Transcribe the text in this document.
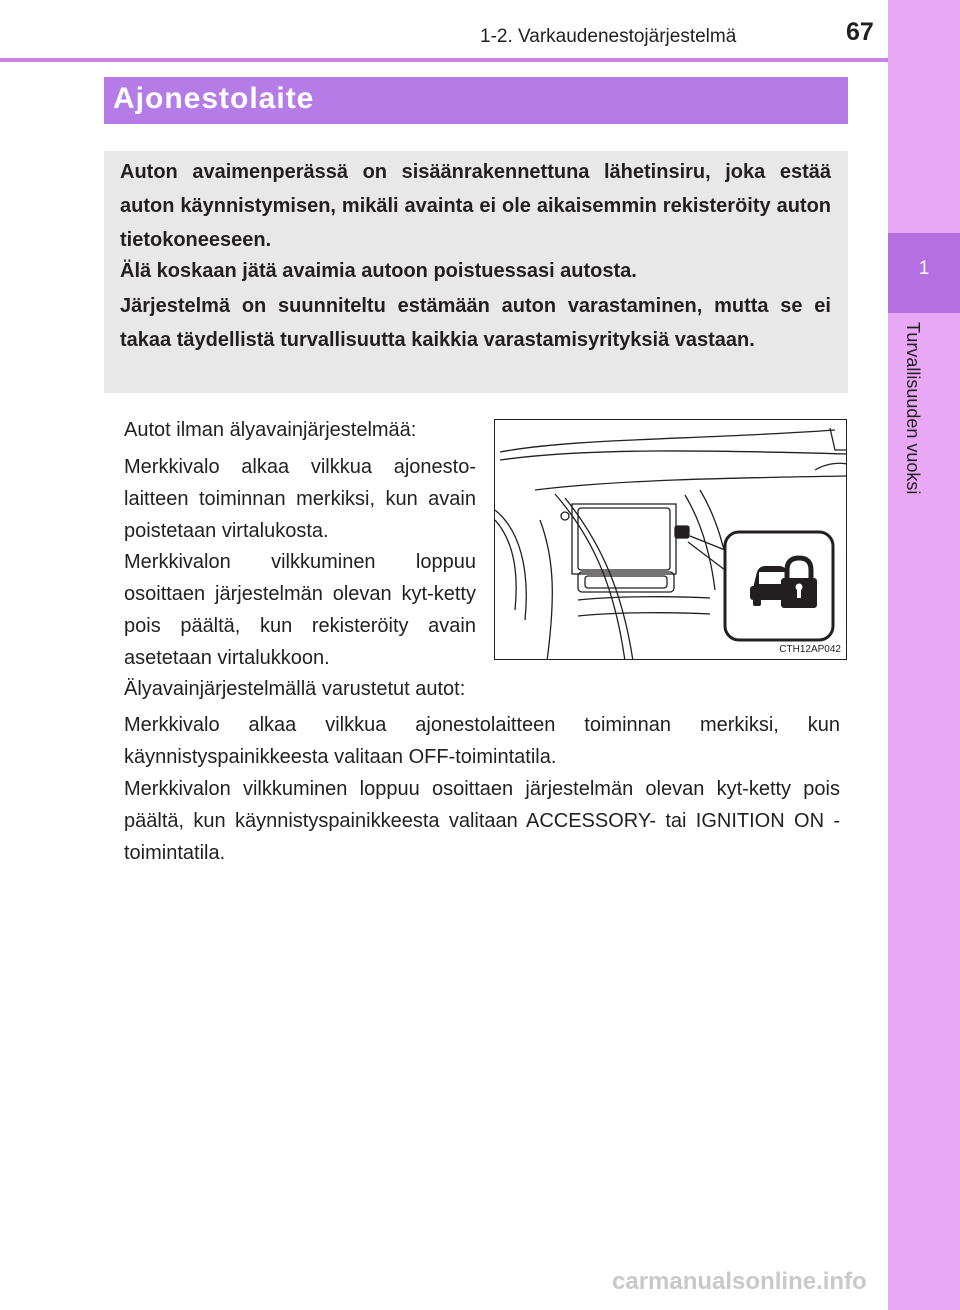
1-2. Varkaudenestojärjestelmä	67
1
Turvallisuuden vuoksi
Ajonestolaite

Auton avaimenperässä on sisäänrakennettuna lähetinsiru, joka estää auton käynnistymisen, mikäli avainta ei ole aikaisemmin rekisteröity auton tietokoneeseen.

Älä koskaan jätä avaimia autoon poistuessasi autosta.

Järjestelmä on suunniteltu estämään auton varastaminen, mutta se ei takaa täydellistä turvallisuutta kaikkia varastamisyrityksiä vastaan.

Autot ilman älyavainjärjestelmää:

Merkkivalo alkaa vilkkua ajonesto-laitteen toiminnan merkiksi, kun avain poistetaan virtalukosta.

Merkkivalon vilkkuminen loppuu osoittaen järjestelmän olevan kyt-ketty pois päältä, kun rekisteröity avain asetetaan virtalukkoon.	CTH12AP042

Älyavainjärjestelmällä varustetut autot:

Merkkivalo alkaa vilkkua ajonestolaitteen toiminnan merkiksi, kun käynnistyspainikkeesta valitaan OFF-toimintatila.

Merkkivalon vilkkuminen loppuu osoittaen järjestelmän olevan kyt-ketty pois päältä, kun käynnistyspainikkeesta valitaan ACCESSORY- tai IGNITION ON -toimintatila.

carmanualsonline.info
